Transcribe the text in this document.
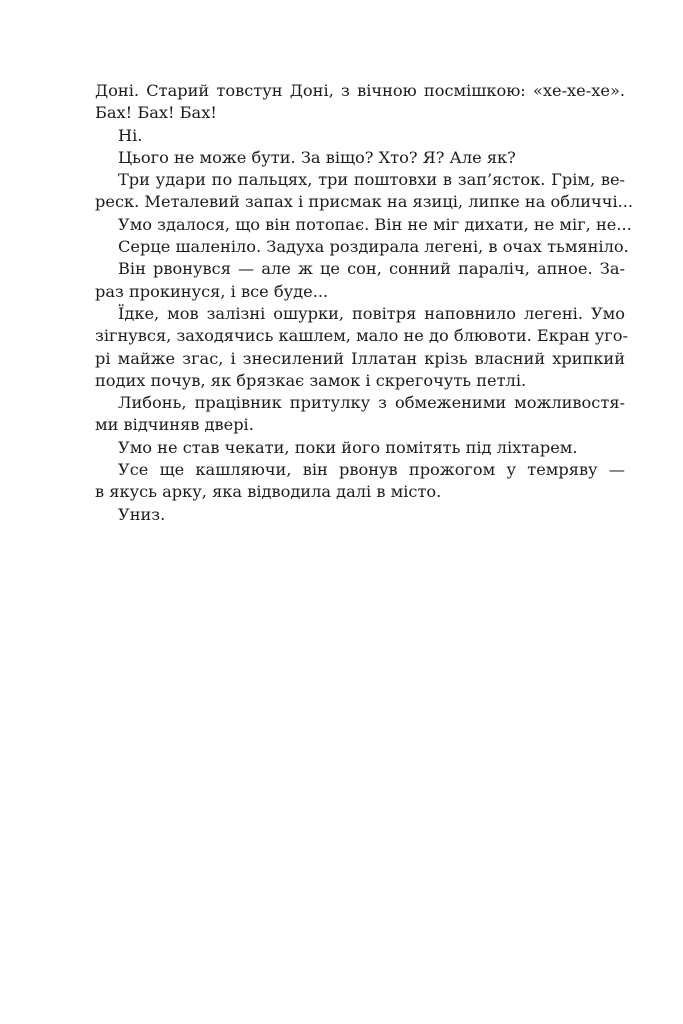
Доні. Старий товстун Доні, з вічною посмішкою: «хе-хе-хе».
Бах! Бах! Бах!
Ні.
Цього не може бути. За віщо? Хто? Я? Але як?
Три удари по пальцях, три поштовхи в зап’ясток. Грім, ве-
реск. Металевий запах і присмак на язиці, липке на обличчі...
Умо здалося, що він потопає. Він не міг дихати, не міг, не...
Серце шаленіло. Задуха роздирала легені, в очах тьмяніло.
Він рвонувся — але ж це сон, сонний параліч, апное. За-
раз прокинуся, і все буде...
Їдке, мов залізні ошурки, повітря наповнило легені. Умо
зігнувся, заходячись кашлем, мало не до блювоти. Екран уго-
рі майже згас, і знесилений Іллатан крізь власний хрипкий
подих почув, як брязкає замок і скрегочуть петлі.
Либонь, працівник притулку з обмеженими можливостя-
ми відчиняв двері.
Умо не став чекати, поки його помітять під ліхтарем.
Усе ще кашляючи, він рвонув прожогом у темряву —
в якусь арку, яка відводила далі в місто.
Униз.
